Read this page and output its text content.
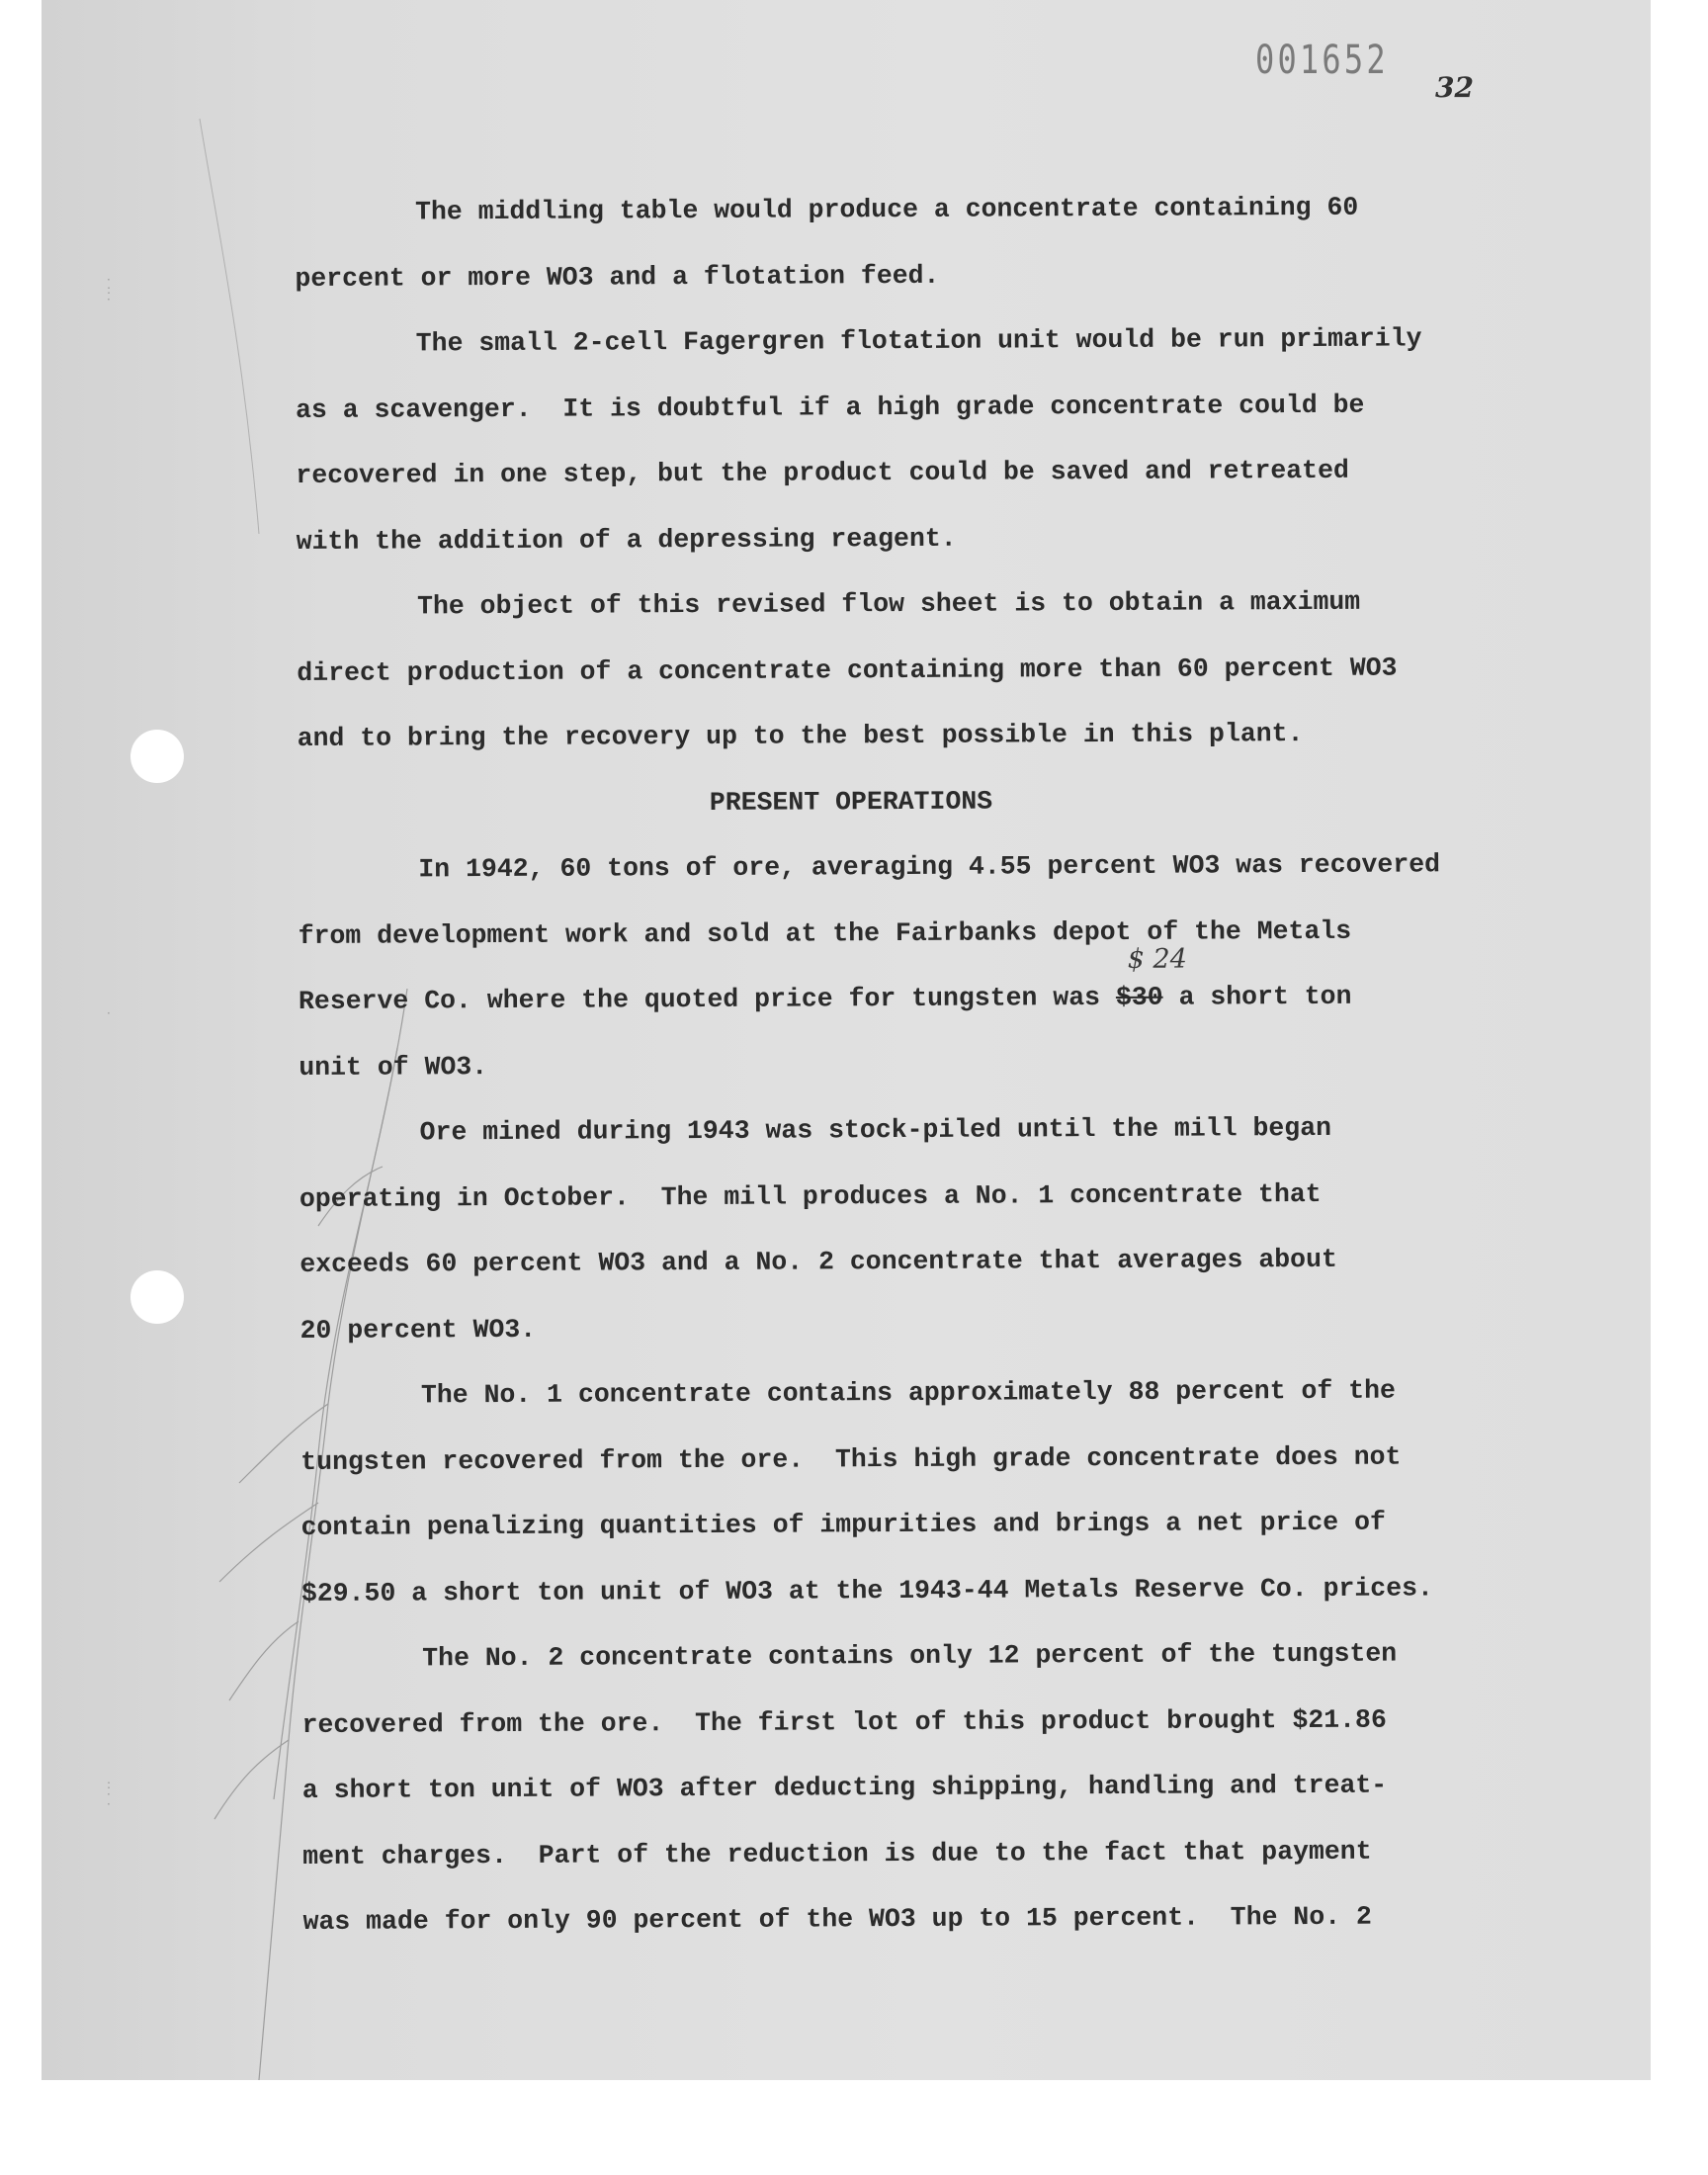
· :
·
·
: ·
·
001652
32
The middling table would produce a concentrate containing 60
percent or more WO3 and a flotation feed.
The small 2-cell Fagergren flotation unit would be run primarily
as a scavenger.  It is doubtful if a high grade concentrate could be
recovered in one step, but the product could be saved and retreated
with the addition of a depressing reagent.
The object of this revised flow sheet is to obtain a maximum
direct production of a concentrate containing more than 60 percent WO3
and to bring the recovery up to the best possible in this plant.
PRESENT OPERATIONS
In 1942, 60 tons of ore, averaging 4.55 percent WO3 was recovered
from development work and sold at the Fairbanks depot of the Metals
Reserve Co. where the quoted price for tungsten was $30
$ 24
a short ton
unit of WO3.
Ore mined during 1943 was stock-piled until the mill began
operating in October.  The mill produces a No. 1 concentrate that
exceeds 60 percent WO3 and a No. 2 concentrate that averages about
20 percent WO3.
The No. 1 concentrate contains approximately 88 percent of the
tungsten recovered from the ore.  This high grade concentrate does not
contain penalizing quantities of impurities and brings a net price of
$29.50 a short ton unit of WO3 at the 1943-44 Metals Reserve Co. prices.
The No. 2 concentrate contains only 12 percent of the tungsten
recovered from the ore.  The first lot of this product brought $21.86
a short ton unit of WO3 after deducting shipping, handling and treat-
ment charges.  Part of the reduction is due to the fact that payment
was made for only 90 percent of the WO3 up to 15 percent.  The No. 2
